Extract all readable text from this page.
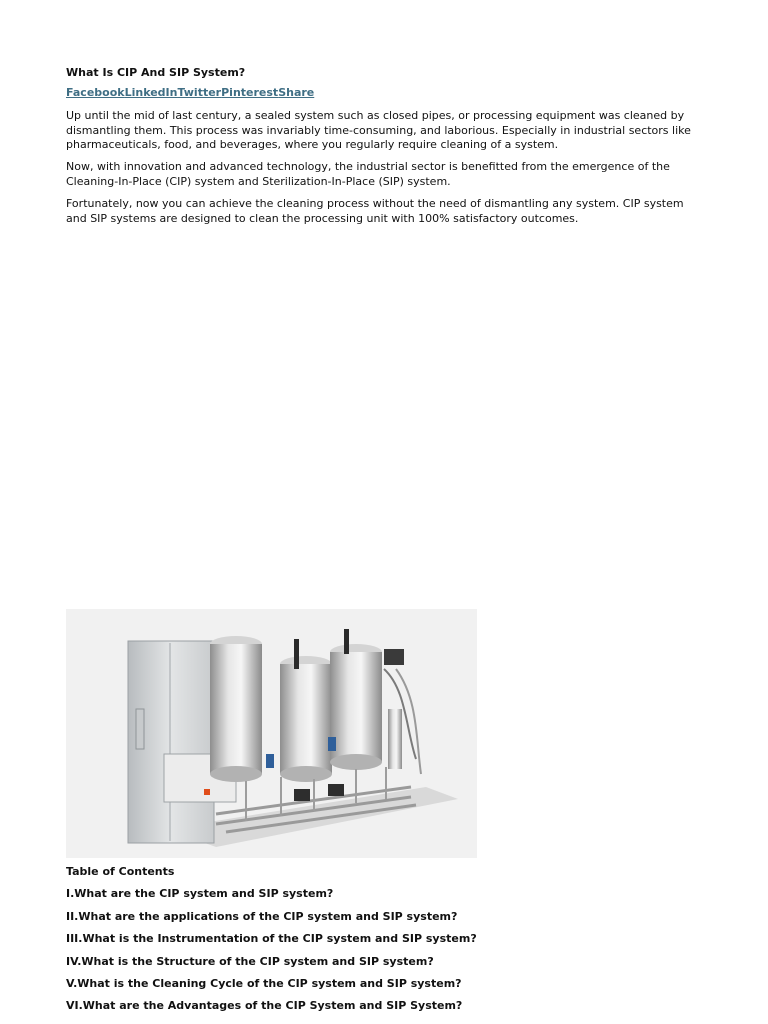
What Is CIP And SIP System?
FacebookLinkedInTwitterPinterestShare

Up until the mid of last century, a sealed system such as closed pipes, or processing equipment was cleaned by dismantling them. This process was invariably time-consuming, and laborious. Especially in industrial sectors like pharmaceuticals, food, and beverages, where you regularly require cleaning of a system.

Now, with innovation and advanced technology, the industrial sector is benefitted from the emergence of the Cleaning-In-Place (CIP) system and Sterilization-In-Place (SIP) system.

Fortunately, now you can achieve the cleaning process without the need of dismantling any system. CIP system and SIP systems are designed to clean the processing unit with 100% satisfactory outcomes.

Table of Contents
I.What are the CIP system and SIP system?
II.What are the applications of the CIP system and SIP system?
III.What is the Instrumentation of the CIP system and SIP system?
IV.What is the Structure of the CIP system and SIP system?
V.What is the Cleaning Cycle of the CIP system and SIP system?
VI.What are the Advantages of the CIP System and SIP System?
